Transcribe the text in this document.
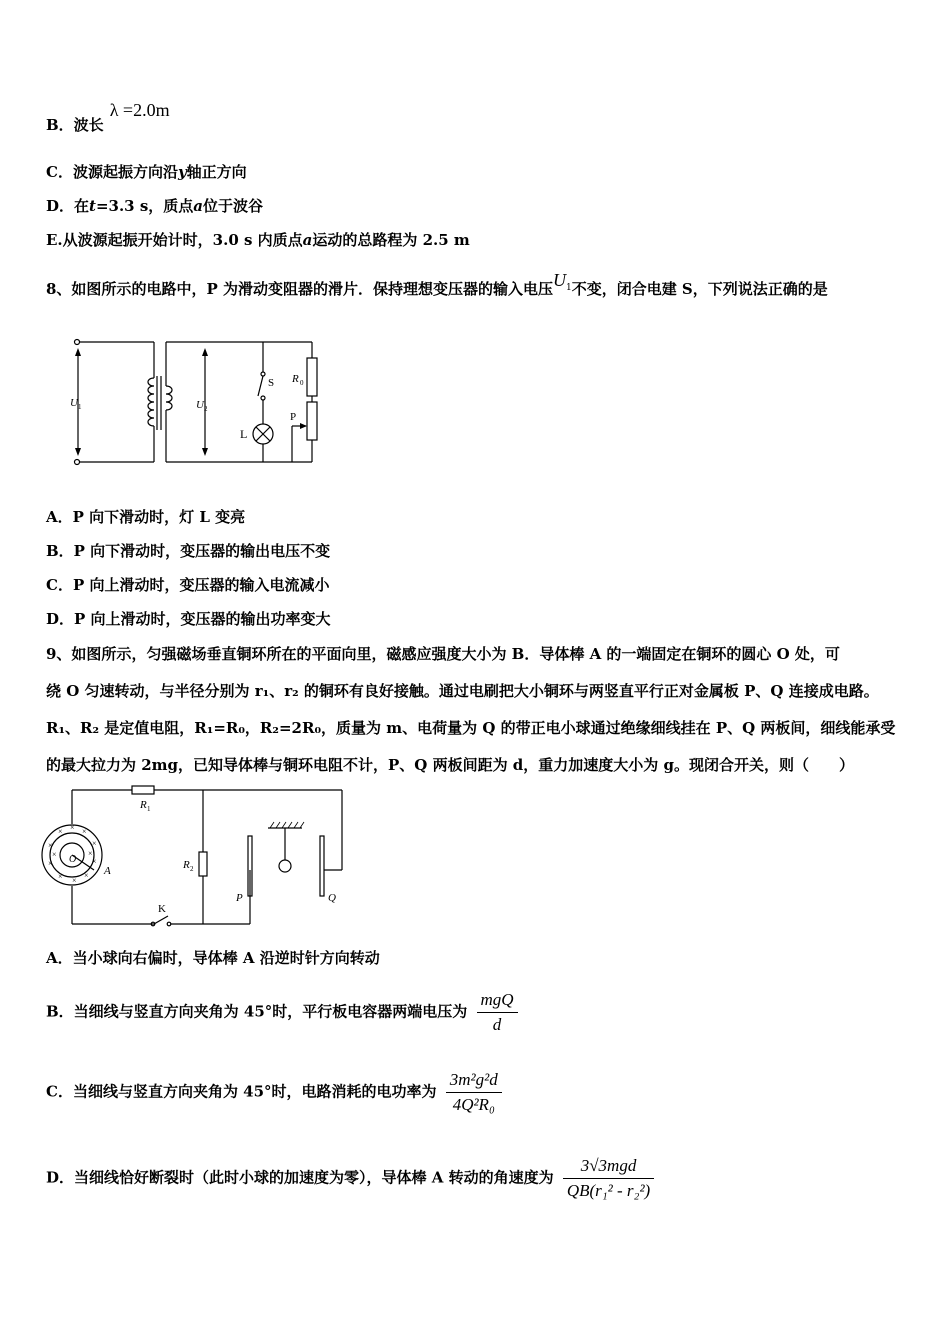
B．波长λ =2.0m
C．波源起振方向沿y轴正方向
D．在t=3.3 s，质点a位于波谷
E.从波源起振开始计时，3.0 s 内质点a运动的总路程为 2.5 m
8、如图所示的电路中，P 为滑动变阻器的滑片．保持理想变压器的输入电压$U^1$不变，闭合电建 S，下列说法正确的是
U 1	U 2
S R 0
P
L
A．P 向下滑动时，灯 L 变亮
B．P 向下滑动时，变压器的输出电压不变
C．P 向上滑动时，变压器的输入电流减小
D．P 向上滑动时，变压器的输出功率变大
9、如图所示，匀强磁场垂直铜环所在的平面向里，磁感应强度大小为 B．导体棒 A 的一端固定在铜环的圆心 O 处，可
绕 O 匀速转动，与半径分别为 r₁、r₂ 的铜环有良好接触。通过电刷把大小铜环与两竖直平行正对金属板 P、Q 连接成电路。
R₁、R₂ 是定值电阻，R₁=R₀，R₂=2R₀，质量为 m、电荷量为 Q 的带正电小球通过绝缘细线挂在 P、Q 两板间，细线能承受
的最大拉力为 2mg，已知导体棒与铜环电阻不计，P、Q 两板间距为 d，重力加速度大小为 g。现闭合开关，则（　　）
×
× × ×
×
×	×
× ×
×
×	×
R 1
R 2
O
A
K
P	Q
A．当小球向右偏时，导体棒 A 沿逆时针方向转动
B．当细线与竖直方向夹角为 45°时，平行板电容器两端电压为 $\frac{\text{mgQ}}{d}$
C．当细线与竖直方向夹角为 45°时，电路消耗的电功率为 $\frac{\text{3m²g²d}}{\text{4Q²R₀}}$
D．当细线恰好断裂时（此时小球的加速度为零），导体棒 A 转动的角速度为 $\frac{\text{3√3mgd}}{\text{QB(r₁² - r₂²)}}$
